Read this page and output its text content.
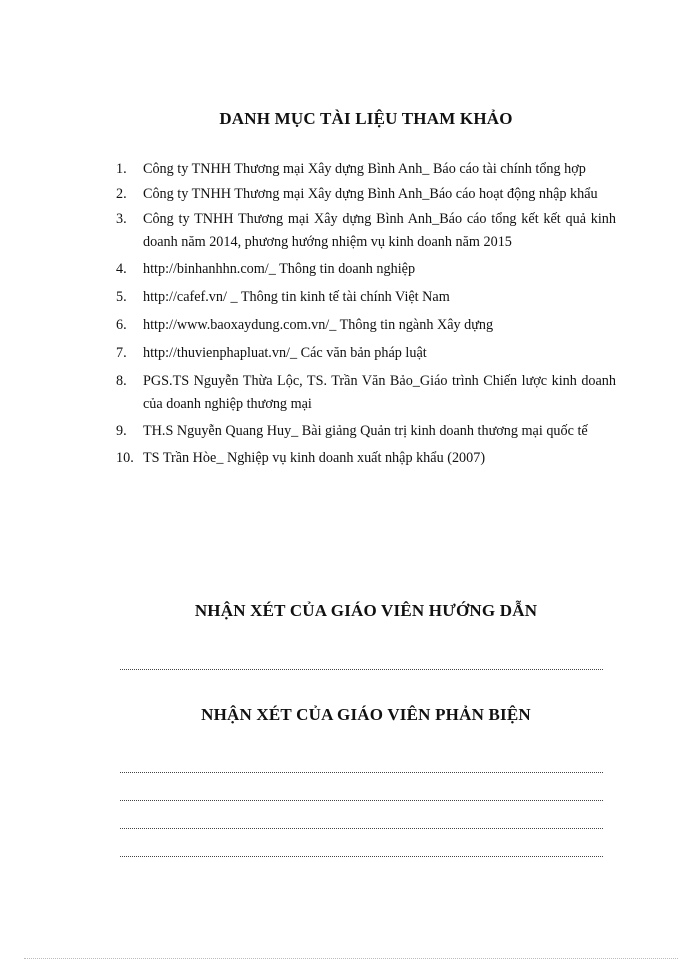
DANH MỤC TÀI LIỆU THAM KHẢO
1. Công ty TNHH Thương mại Xây dựng Bình Anh_ Báo cáo tài chính tổng hợp
2. Công ty TNHH Thương mại Xây dựng Bình Anh_Báo cáo hoạt động nhập khẩu
3. Công ty TNHH Thương mại Xây dựng Bình Anh_Báo cáo tổng kết kết quả kinh doanh năm 2014, phương hướng nhiệm vụ kinh doanh năm 2015
4. http://binhanhhn.com/_ Thông tin doanh nghiệp
5. http://cafef.vn/ _ Thông tin kinh tế tài chính Việt Nam
6. http://www.baoxaydung.com.vn/_ Thông tin ngành Xây dựng
7. http://thuvienphapluat.vn/_ Các văn bản pháp luật
8. PGS.TS Nguyễn Thừa Lộc, TS. Trần Văn Bảo_Giáo trình Chiến lược kinh doanh của doanh nghiệp thương mại
9. TH.S Nguyễn Quang Huy_ Bài giảng Quản trị kinh doanh thương mại quốc tế
10. TS Trần Hòe_ Nghiệp vụ kinh doanh xuất nhập khẩu (2007)
NHẬN XÉT CỦA GIÁO VIÊN HƯỚNG DẪN
NHẬN XÉT CỦA GIÁO VIÊN PHẢN BIỆN
